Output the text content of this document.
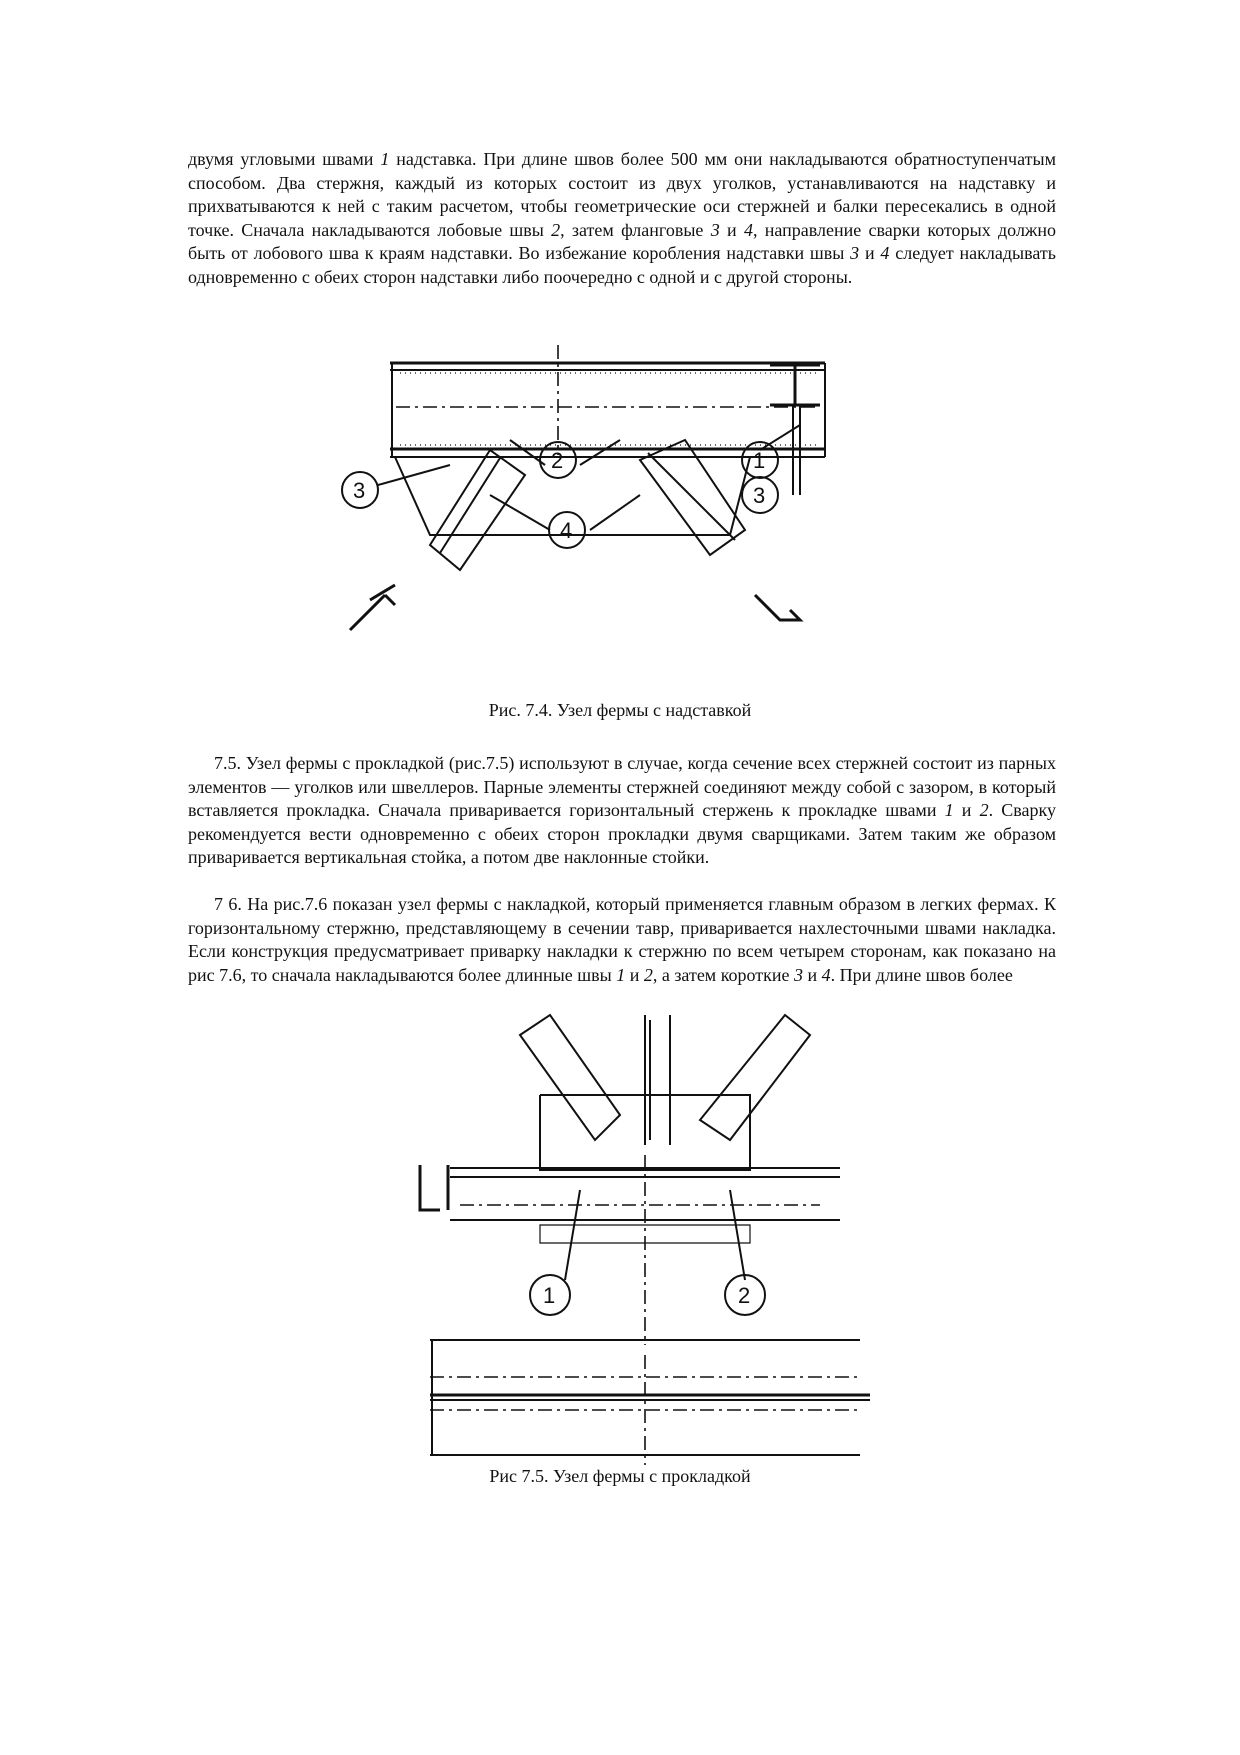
двумя угловыми швами 1 надставка. При длине швов более 500 мм они накладываются обратноступенчатым способом. Два стержня, каждый из которых состоит из двух уголков, устанавливаются на надставку и прихватываются к ней с таким расчетом, чтобы геометрические оси стержней и балки пересекались в одной точке. Сначала накладываются лобовые швы 2, затем фланговые 3 и 4, направление сварки которых должно быть от лобового шва к краям надставки. Во избежание коробления надставки швы 3 и 4 следует накладывать одновременно с обеих сторон надставки либо поочередно с одной и с другой стороны.

3
2
4
1
3
Рис. 7.4. Узел фермы с надставкой

7.5. Узел фермы с прокладкой (рис.7.5) используют в случае, когда сечение всех стержней состоит из парных элементов — уголков или швеллеров. Парные элементы стержней соединяют между собой с зазором, в который вставляется прокладка. Сначала приваривается горизонтальный стержень к прокладке швами 1 и 2. Сварку рекомендуется вести одновременно с обеих сторон прокладки двумя сварщиками. Затем таким же образом приваривается вертикальная стойка, а потом две наклонные стойки.

7 6. На рис.7.6 показан узел фермы с накладкой, который применяется главным образом в легких фермах. К горизонтальному стержню, представляющему в сечении тавр, приваривается нахлесточными швами накладка. Если конструкция предусматривает приварку накладки к стержню по всем четырем сторонам, как показано на рис 7.6, то сначала накладываются более длинные швы 1 и 2, а затем короткие 3 и 4. При длине швов более

1	2
Рис 7.5. Узел фермы с прокладкой
